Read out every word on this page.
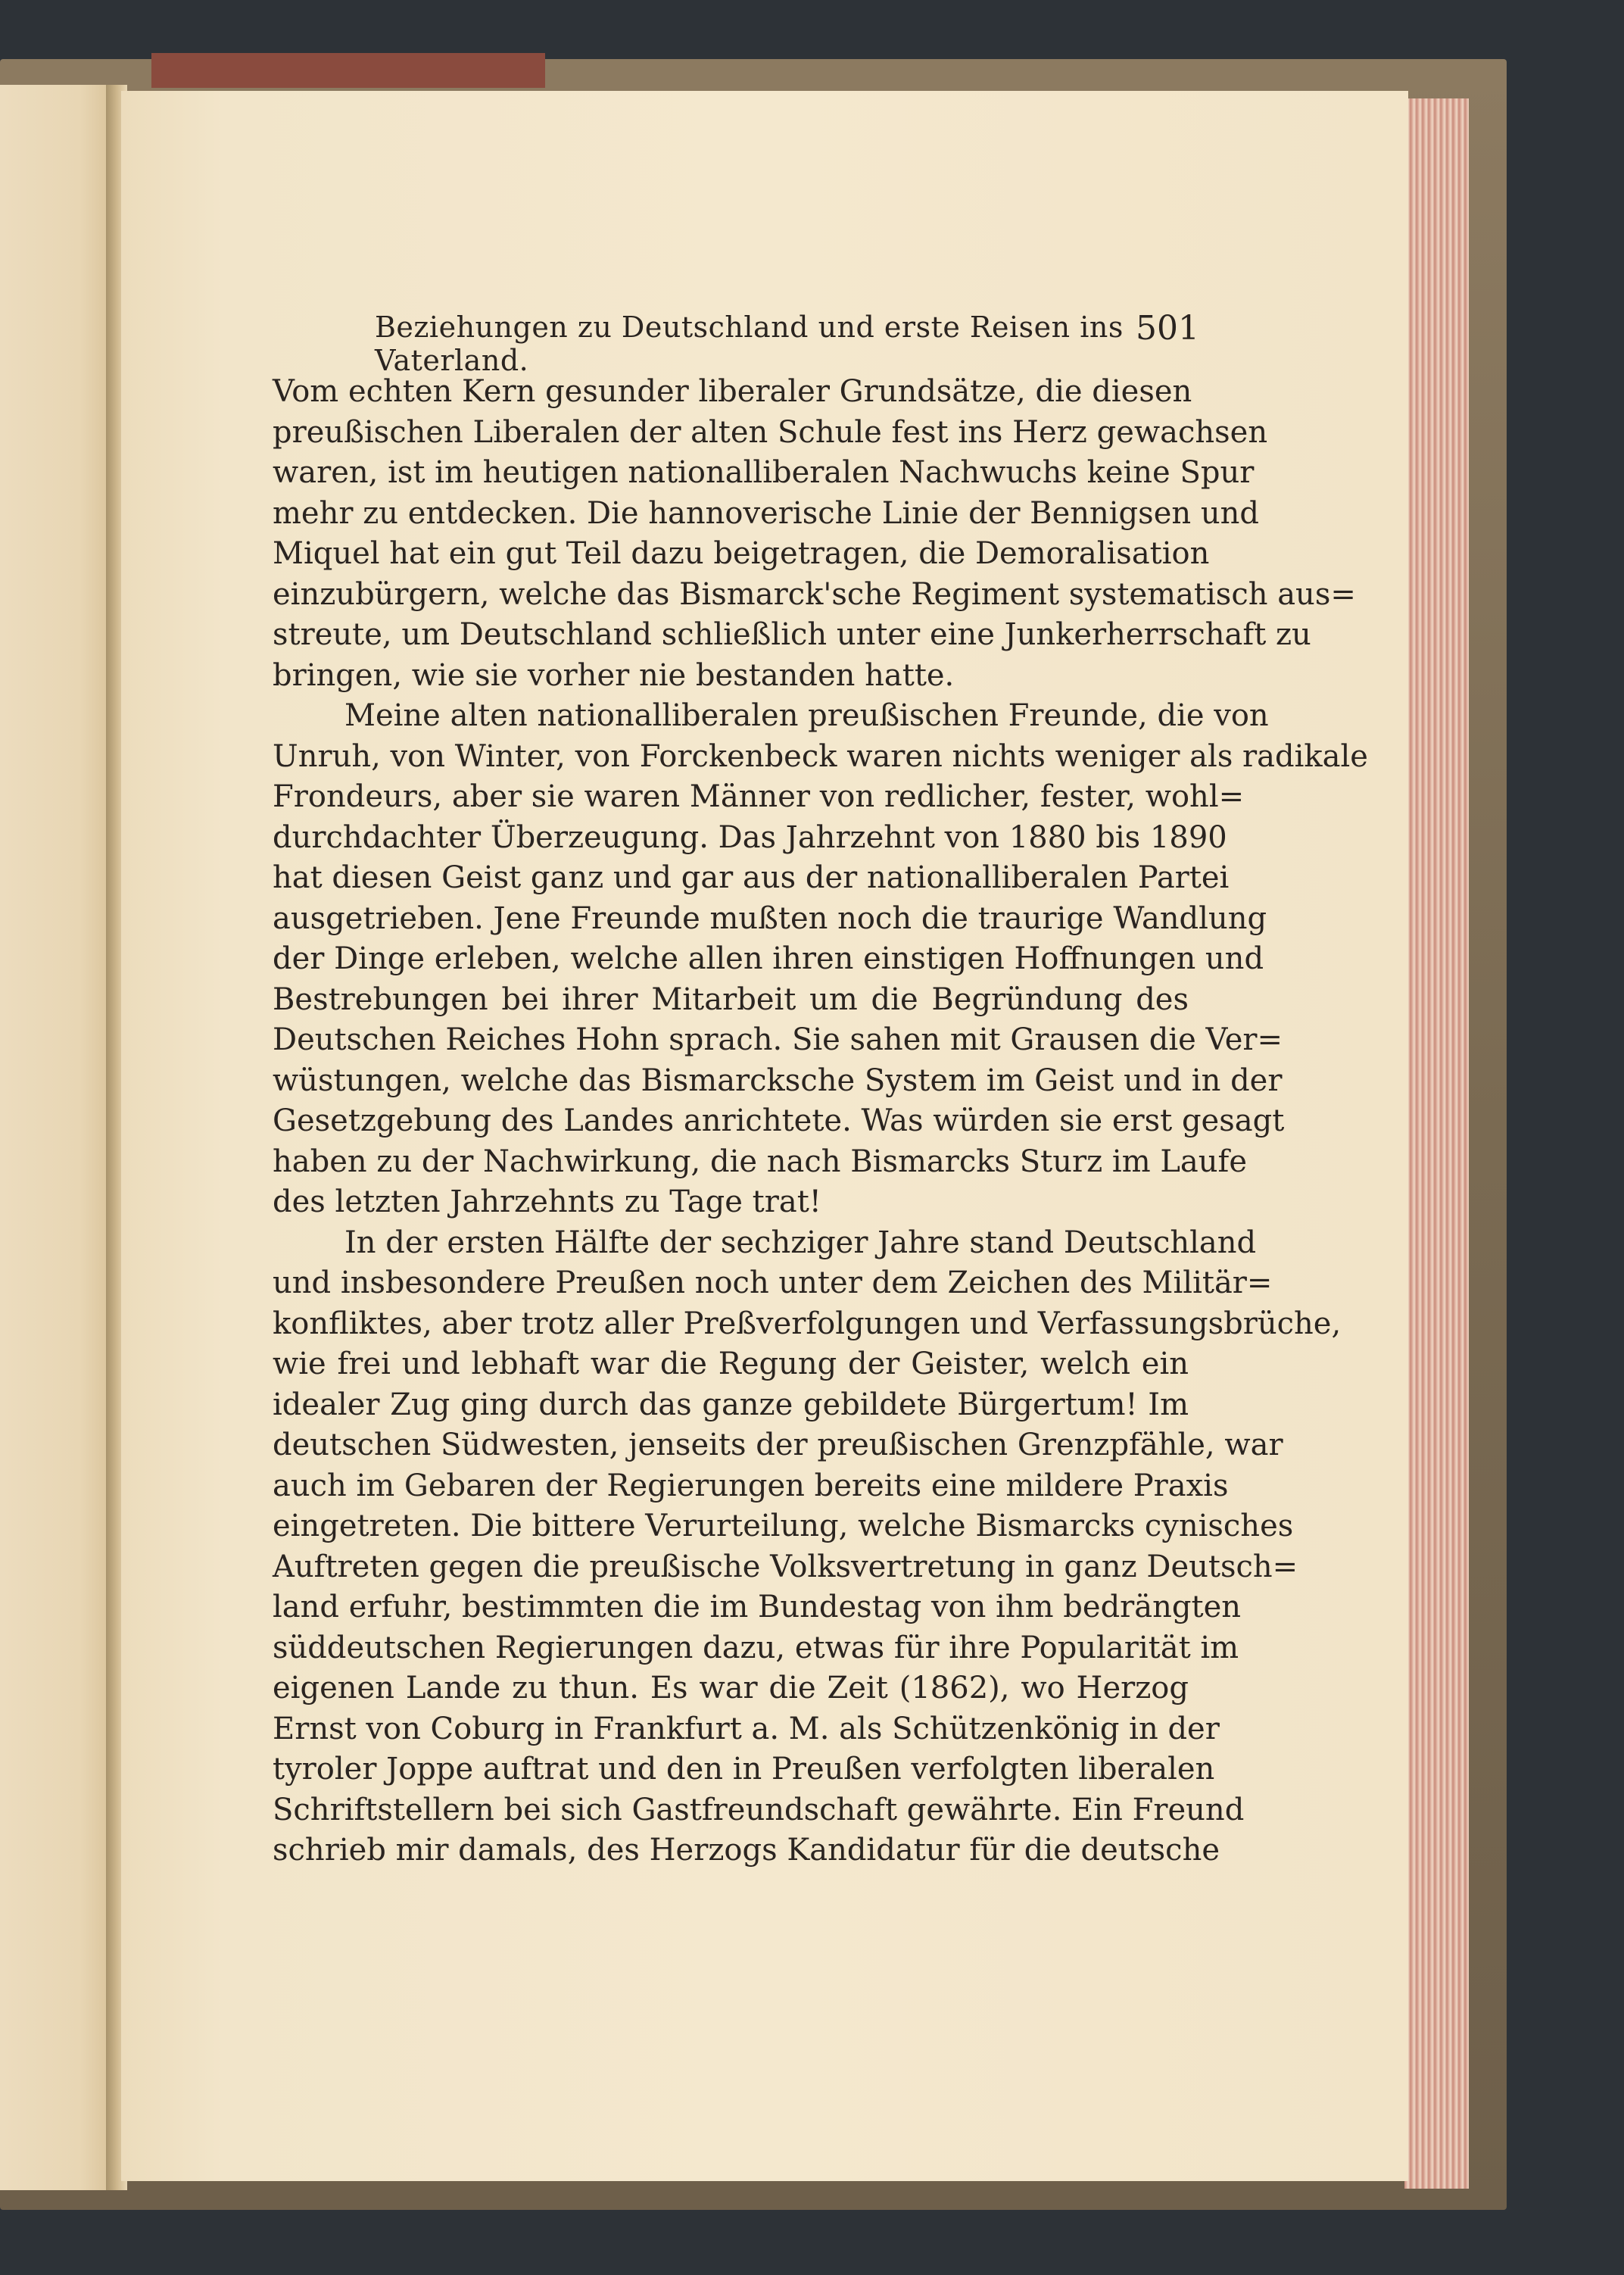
Beziehungen zu Deutschland und erste Reisen ins Vaterland.
501
Vom echten Kern gesunder liberaler Grundsätze, die diesen
preußischen Liberalen der alten Schule fest ins Herz gewachsen
waren, ist im heutigen nationalliberalen Nachwuchs keine Spur
mehr zu entdecken. Die hannoverische Linie der Bennigsen und
Miquel hat ein gut Teil dazu beigetragen, die Demoralisation
einzubürgern, welche das Bismarck'sche Regiment systematisch aus=
streute, um Deutschland schließlich unter eine Junkerherrschaft zu
bringen, wie sie vorher nie bestanden hatte.
Meine alten nationalliberalen preußischen Freunde, die von
Unruh, von Winter, von Forckenbeck waren nichts weniger als radikale
Frondeurs, aber sie waren Männer von redlicher, fester, wohl=
durchdachter Überzeugung. Das Jahrzehnt von 1880 bis 1890
hat diesen Geist ganz und gar aus der nationalliberalen Partei
ausgetrieben. Jene Freunde mußten noch die traurige Wandlung
der Dinge erleben, welche allen ihren einstigen Hoffnungen und
Bestrebungen bei ihrer Mitarbeit um die Begründung des
Deutschen Reiches Hohn sprach. Sie sahen mit Grausen die Ver=
wüstungen, welche das Bismarcksche System im Geist und in der
Gesetzgebung des Landes anrichtete. Was würden sie erst gesagt
haben zu der Nachwirkung, die nach Bismarcks Sturz im Laufe
des letzten Jahrzehnts zu Tage trat!
In der ersten Hälfte der sechziger Jahre stand Deutschland
und insbesondere Preußen noch unter dem Zeichen des Militär=
konfliktes, aber trotz aller Preßverfolgungen und Verfassungsbrüche,
wie frei und lebhaft war die Regung der Geister, welch ein
idealer Zug ging durch das ganze gebildete Bürgertum! Im
deutschen Südwesten, jenseits der preußischen Grenzpfähle, war
auch im Gebaren der Regierungen bereits eine mildere Praxis
eingetreten. Die bittere Verurteilung, welche Bismarcks cynisches
Auftreten gegen die preußische Volksvertretung in ganz Deutsch=
land erfuhr, bestimmten die im Bundestag von ihm bedrängten
süddeutschen Regierungen dazu, etwas für ihre Popularität im
eigenen Lande zu thun. Es war die Zeit (1862), wo Herzog
Ernst von Coburg in Frankfurt a. M. als Schützenkönig in der
tyroler Joppe auftrat und den in Preußen verfolgten liberalen
Schriftstellern bei sich Gastfreundschaft gewährte. Ein Freund
schrieb mir damals, des Herzogs Kandidatur für die deutsche
